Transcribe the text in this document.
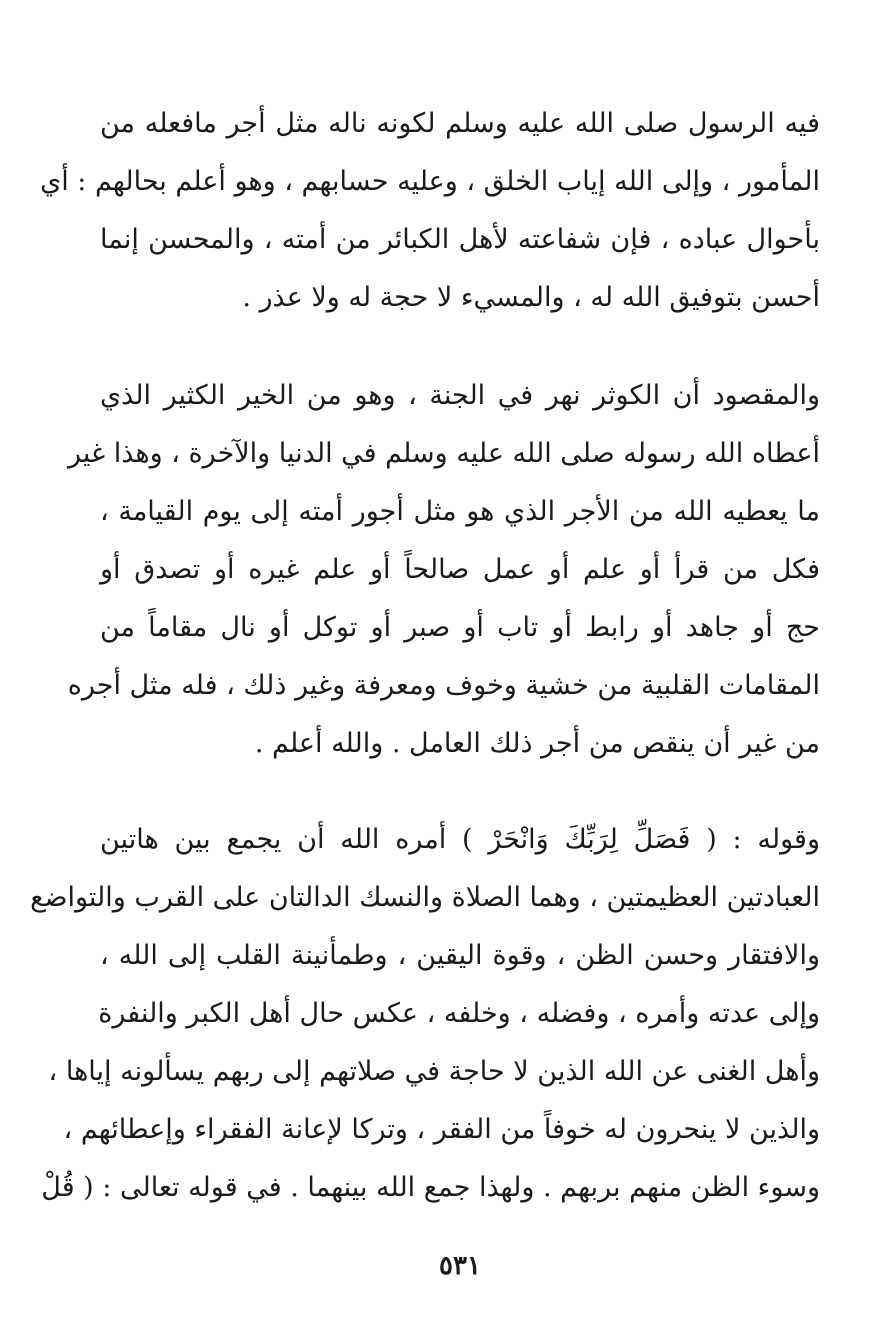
فيه الرسول صلى الله عليه وسلم لكونه ناله مثل أجر مافعله من
المأمور ، وإلى الله إياب الخلق ، وعليه حسابهم ، وهو أعلم بحالهم : أي
بأحوال عباده ، فإن شفاعته لأهل الكبائر من أمته ، والمحسن إنما
أحسن بتوفيق الله له ، والمسيء لا حجة له ولا عذر .
والمقصود أن الكوثر نهر في الجنة ، وهو من الخير الكثير الذي
أعطاه الله رسوله صلى الله عليه وسلم في الدنيا والآخرة ، وهذا غير
ما يعطيه الله من الأجر الذي هو مثل أجور أمته إلى يوم القيامة ،
فكل من قرأ أو علم أو عمل صالحاً أو علم غيره أو تصدق أو
حج أو جاهد أو رابط أو تاب أو صبر أو توكل أو نال مقاماً من
المقامات القلبية من خشية وخوف ومعرفة وغير ذلك ، فله مثل أجره
من غير أن ينقص من أجر ذلك العامل . والله أعلم .
وقوله : ( فَصَلِّ لِرَبِّكَ وَانْحَرْ ) أمره الله أن يجمع بين هاتين
العبادتين العظيمتين ، وهما الصلاة والنسك الدالتان على القرب والتواضع
والافتقار وحسن الظن ، وقوة اليقين ، وطمأنينة القلب إلى الله ،
وإلى عدته وأمره ، وفضله ، وخلفه ، عكس حال أهل الكبر والنفرة
وأهل الغنى عن الله الذين لا حاجة في صلاتهم إلى ربهم يسألونه إياها ،
والذين لا ينحرون له خوفاً من الفقر ، وتركا لإعانة الفقراء وإعطائهم ،
وسوء الظن منهم بربهم . ولهذا جمع الله بينهما . في قوله تعالى : ( قُلْ
٥٣١
